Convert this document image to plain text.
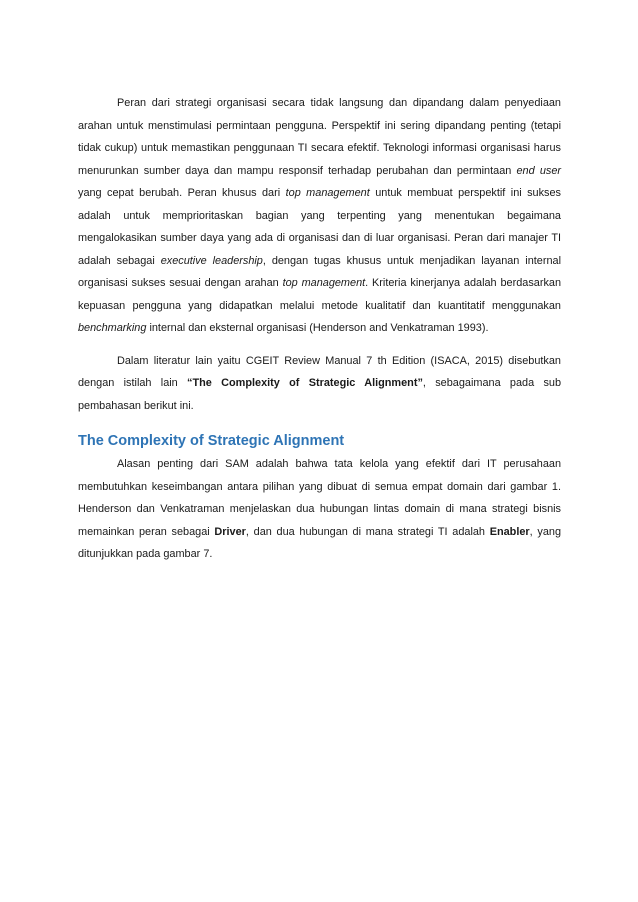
Peran dari strategi organisasi secara tidak langsung dan dipandang dalam penyediaan arahan untuk menstimulasi permintaan pengguna. Perspektif ini sering dipandang penting (tetapi tidak cukup) untuk memastikan penggunaan TI secara efektif. Teknologi informasi organisasi harus menurunkan sumber daya dan mampu responsif terhadap perubahan dan permintaan end user yang cepat berubah. Peran khusus dari top management untuk membuat perspektif ini sukses adalah untuk memprioritaskan bagian yang terpenting yang menentukan begaimana mengalokasikan sumber daya yang ada di organisasi dan di luar organisasi. Peran dari manajer TI adalah sebagai executive leadership, dengan tugas khusus untuk menjadikan layanan internal organisasi sukses sesuai dengan arahan top management. Kriteria kinerjanya adalah berdasarkan kepuasan pengguna yang didapatkan melalui metode kualitatif dan kuantitatif menggunakan benchmarking internal dan eksternal organisasi (Henderson and Venkatraman 1993).

Dalam literatur lain yaitu CGEIT Review Manual 7 th Edition (ISACA, 2015) disebutkan dengan istilah lain “The Complexity of Strategic Alignment”, sebagaimana pada sub pembahasan berikut ini.

The Complexity of Strategic Alignment

Alasan penting dari SAM adalah bahwa tata kelola yang efektif dari IT perusahaan membutuhkan keseimbangan antara pilihan yang dibuat di semua empat domain dari gambar 1. Henderson dan Venkatraman menjelaskan dua hubungan lintas domain di mana strategi bisnis memainkan peran sebagai Driver, dan dua hubungan di mana strategi TI adalah Enabler, yang ditunjukkan pada gambar 7.
